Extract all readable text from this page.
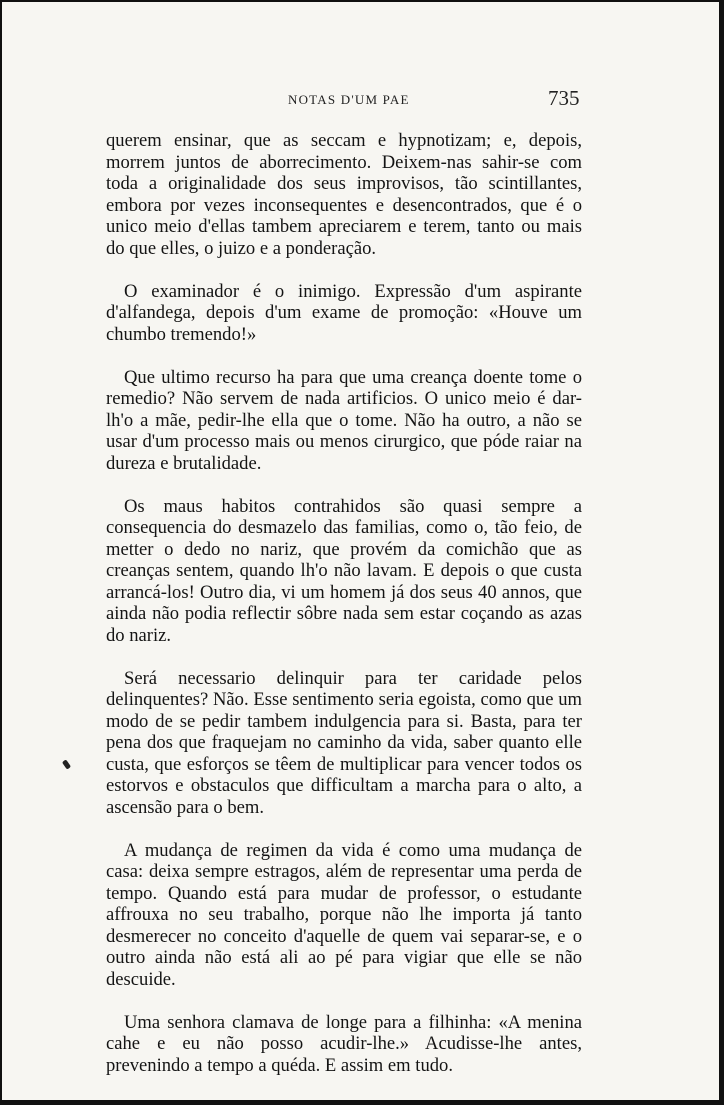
NOTAS D'UM PAE	735

querem ensinar, que as seccam e hypnotizam; e, depois, morrem juntos de aborrecimento. Deixem-nas sahir-se com toda a originalidade dos seus improvisos, tão scintillantes, embora por vezes inconsequentes e desencontrados, que é o unico meio d'ellas tambem apreciarem e terem, tanto ou mais do que elles, o juizo e a ponderação.

O examinador é o inimigo. Expressão d'um aspirante d'alfandega, depois d'um exame de promoção: «Houve um chumbo tremendo!»

Que ultimo recurso ha para que uma creança doente tome o remedio? Não servem de nada artificios. O unico meio é dar-lh'o a mãe, pedir-lhe ella que o tome. Não ha outro, a não se usar d'um processo mais ou menos cirurgico, que póde raiar na dureza e brutalidade.

Os maus habitos contrahidos são quasi sempre a consequencia do desmazelo das familias, como o, tão feio, de metter o dedo no nariz, que provém da comichão que as creanças sentem, quando lh'o não lavam. E depois o que custa arrancá-los! Outro dia, vi um homem já dos seus 40 annos, que ainda não podia reflectir sôbre nada sem estar coçando as azas do nariz.

Será necessario delinquir para ter caridade pelos delinquentes? Não. Esse sentimento seria egoista, como que um modo de se pedir tambem indulgencia para si. Basta, para ter pena dos que fraquejam no caminho da vida, saber quanto elle custa, que esforços se têem de multiplicar para vencer todos os estorvos e obstaculos que difficultam a marcha para o alto, a ascensão para o bem.

A mudança de regimen da vida é como uma mudança de casa: deixa sempre estragos, além de representar uma perda de tempo. Quando está para mudar de professor, o estudante affrouxa no seu trabalho, porque não lhe importa já tanto desmerecer no conceito d'aquelle de quem vai separar-se, e o outro ainda não está ali ao pé para vigiar que elle se não descuide.

Uma senhora clamava de longe para a filhinha: «A menina cahe e eu não posso acudir-lhe.» Acudisse-lhe antes, prevenindo a tempo a quéda. E assim em tudo.
